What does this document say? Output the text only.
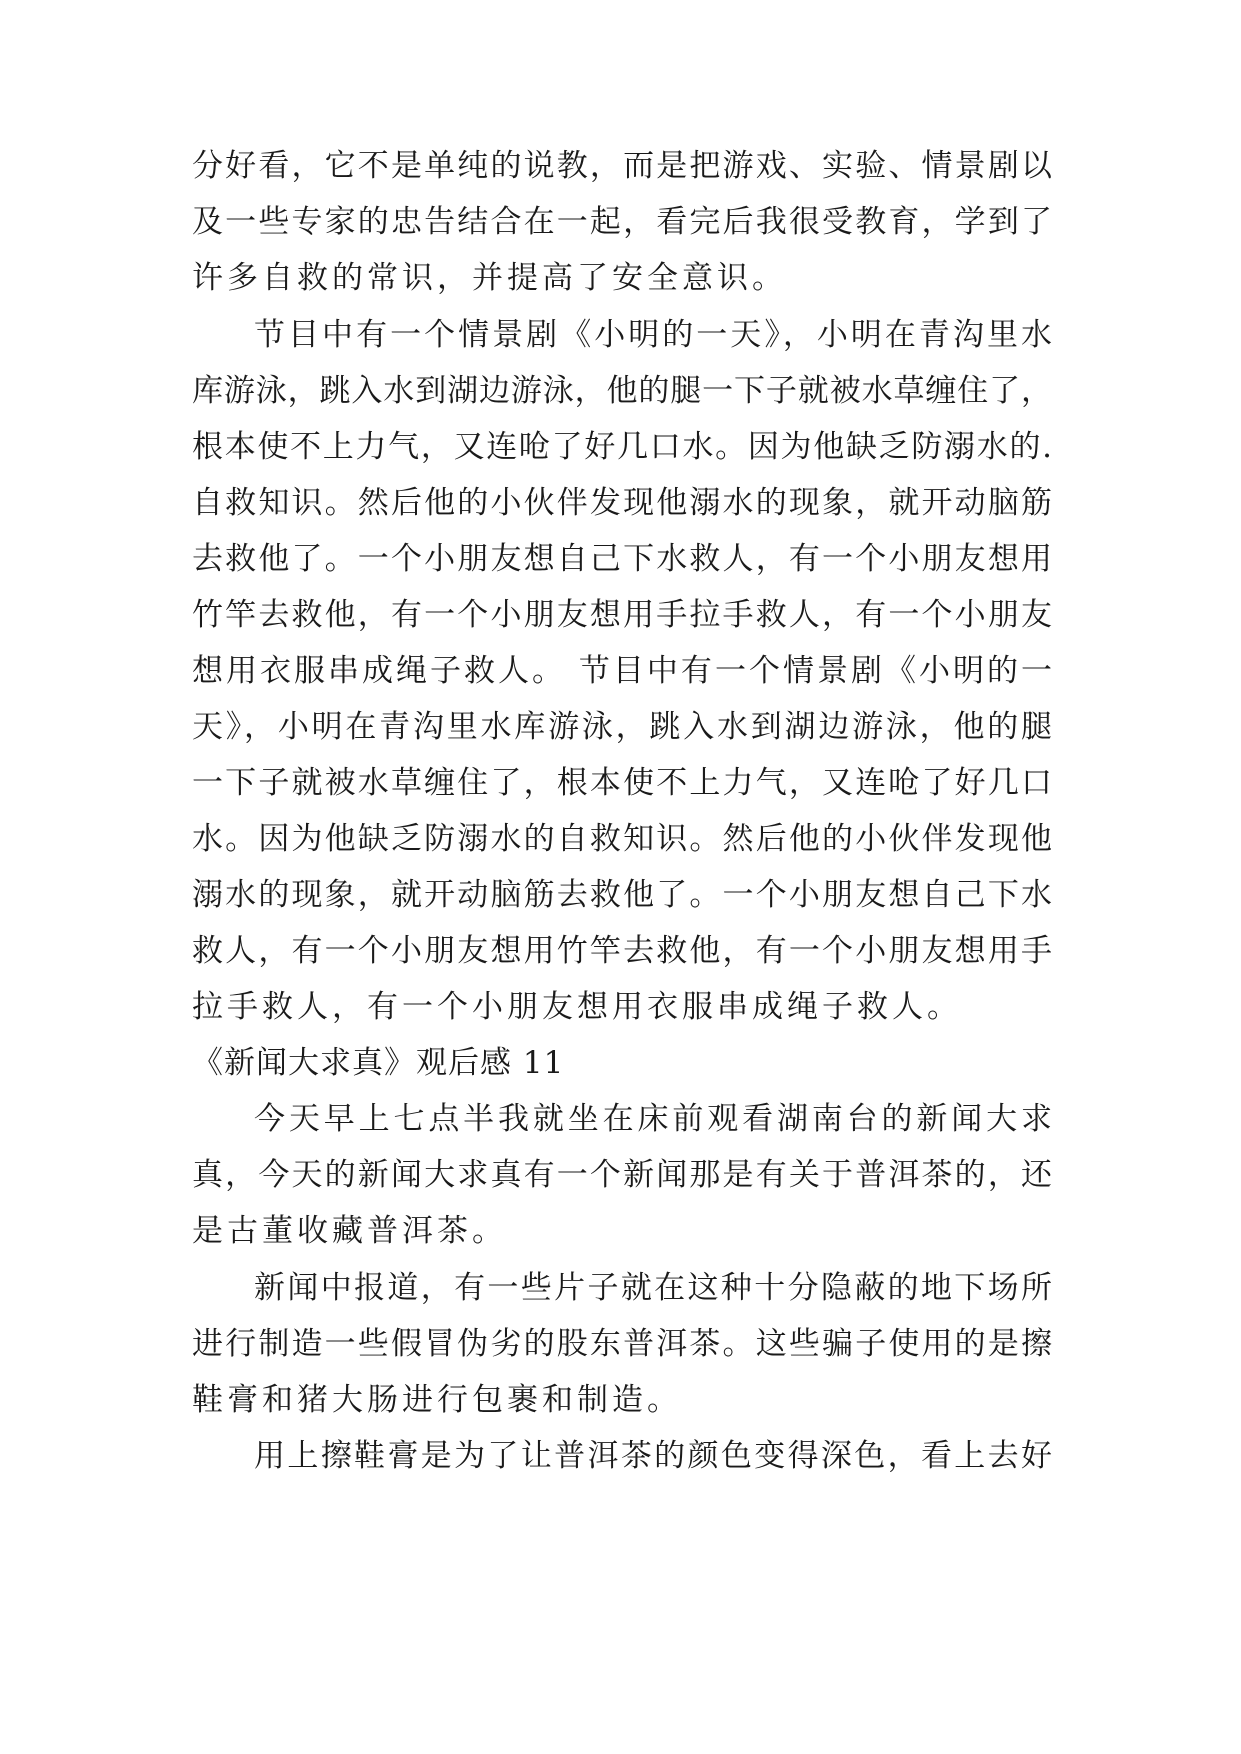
分好看，它不是单纯的说教，而是把游戏、实验、情景剧以
及一些专家的忠告结合在一起，看完后我很受教育，学到了
许多自救的常识，并提高了安全意识。
节目中有一个情景剧《小明的一天》，小明在青沟里水
库游泳，跳入水到湖边游泳，他的腿一下子就被水草缠住了，
根本使不上力气，又连呛了好几口水。因为他缺乏防溺水的.
自救知识。然后他的小伙伴发现他溺水的现象，就开动脑筋
去救他了。一个小朋友想自己下水救人，有一个小朋友想用
竹竿去救他，有一个小朋友想用手拉手救人，有一个小朋友
想用衣服串成绳子救人。 节目中有一个情景剧《小明的一
天》，小明在青沟里水库游泳，跳入水到湖边游泳，他的腿
一下子就被水草缠住了，根本使不上力气，又连呛了好几口
水。因为他缺乏防溺水的自救知识。然后他的小伙伴发现他
溺水的现象，就开动脑筋去救他了。一个小朋友想自己下水
救人，有一个小朋友想用竹竿去救他，有一个小朋友想用手
拉手救人，有一个小朋友想用衣服串成绳子救人。
《新闻大求真》观后感 11
今天早上七点半我就坐在床前观看湖南台的新闻大求
真，今天的新闻大求真有一个新闻那是有关于普洱茶的，还
是古董收藏普洱茶。
新闻中报道，有一些片子就在这种十分隐蔽的地下场所
进行制造一些假冒伪劣的股东普洱茶。这些骗子使用的是擦
鞋膏和猪大肠进行包裹和制造。
用上擦鞋膏是为了让普洱茶的颜色变得深色，看上去好
